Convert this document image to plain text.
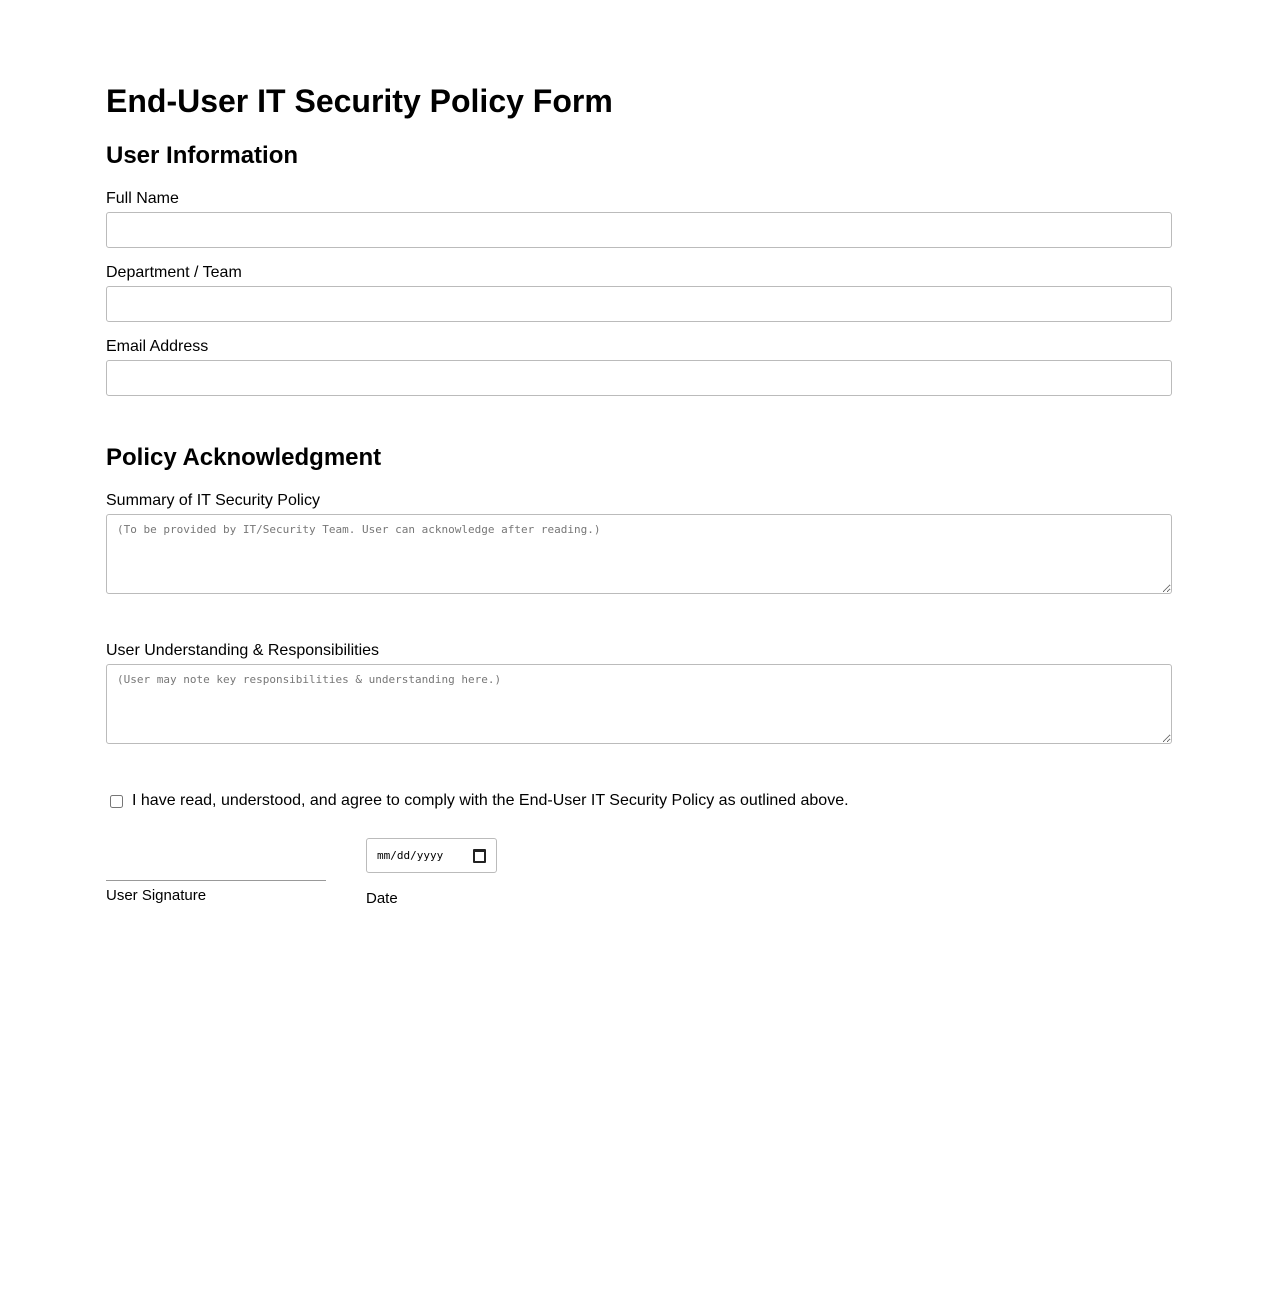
End-User IT Security Policy Form
User Information
Full Name
Department / Team
Email Address
Policy Acknowledgment
Summary of IT Security Policy
(To be provided by IT/Security Team. User can acknowledge after reading.)
User Understanding & Responsibilities
(User may note key responsibilities & understanding here.)
I have read, understood, and agree to comply with the End-User IT Security Policy as outlined above.
User Signature
mm/dd/yyyy
Date
